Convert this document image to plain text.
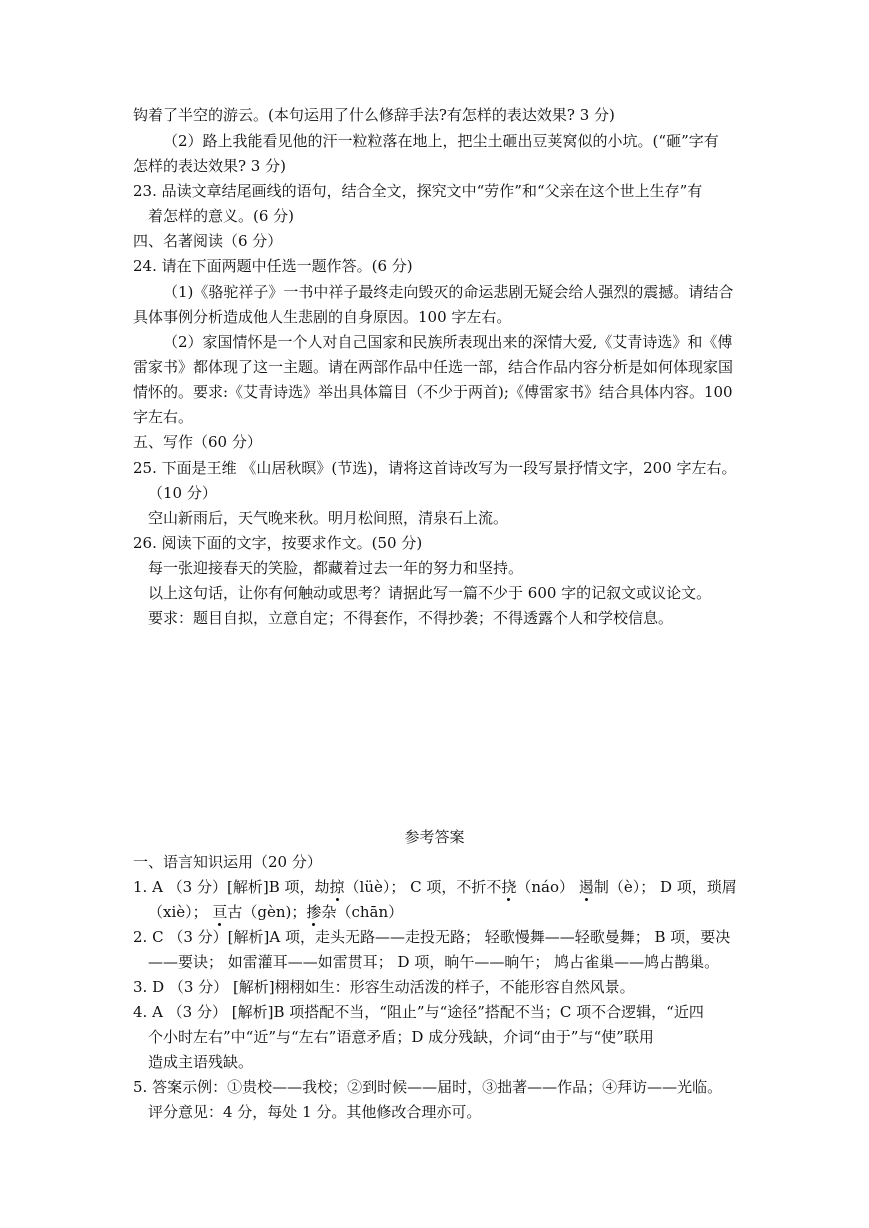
钩着了半空的游云。(本句运用了什么修辞手法?有怎样的表达效果? 3 分)
（2）路上我能看见他的汗一粒粒落在地上，把尘土砸出豆荚窝似的小坑。(“砸”字有
怎样的表达效果? 3 分)
23. 品读文章结尾画线的语句，结合全文，探究文中“劳作”和“父亲在这个世上生存”有
着怎样的意义。(6 分)
四、名著阅读（6 分）
24. 请在下面两题中任选一题作答。(6 分)
（1)《骆驼祥子》一书中祥子最终走向毁灭的命运悲剧无疑会给人强烈的震撼。请结合
具体事例分析造成他人生悲剧的自身原因。100 字左右。
（2）家国情怀是一个人对自己国家和民族所表现出来的深情大爱,《艾青诗选》和《傅
雷家书》都体现了这一主题。请在两部作品中任选一部，结合作品内容分析是如何体现家国
情怀的。要求:《艾青诗选》举出具体篇目（不少于两首);《傅雷家书》结合具体内容。100
字左右。
五、写作（60 分）
25. 下面是王维 《山居秋暝》(节选)，请将这首诗改写为一段写景抒情文字，200 字左右。
（10 分）
空山新雨后，天气晚来秋。明月松间照，清泉石上流。
26. 阅读下面的文字，按要求作文。(50 分)
每一张迎接春天的笑脸，都藏着过去一年的努力和坚持。
以上这句话，让你有何触动或思考？请据此写一篇不少于 600 字的记叙文或议论文。
要求：题目自拟，立意自定；不得套作，不得抄袭；不得透露个人和学校信息。
参考答案
一、语言知识运用（20 分）
1. A （3 分）[解析]B 项，劫掠（lüè）； C 项，不折不挠（náo） 遏制（è）； D 项，琐屑
（xiè）； 亘古（gèn)；掺杂（chān）
2. C （3 分）[解析]A 项，走头无路——走投无路； 轻歌慢舞——轻歌曼舞； B 项，要决
——要诀； 如雷灌耳——如雷贯耳； D 项，晌午——晌午； 鸠占雀巢——鸠占鹊巢。
3. D （3 分） [解析]栩栩如生：形容生动活泼的样子，不能形容自然风景。
4. A （3 分） [解析]B 项搭配不当，“阻止”与“途径”搭配不当；C 项不合逻辑，“近四
个小时左右”中“近”与“左右”语意矛盾；D 成分残缺，介词“由于”与“使”联用
造成主语残缺。
5. 答案示例：①贵校——我校；②到时候——届时，③拙著——作品；④拜访——光临。
评分意见：4 分，每处 1 分。其他修改合理亦可。
